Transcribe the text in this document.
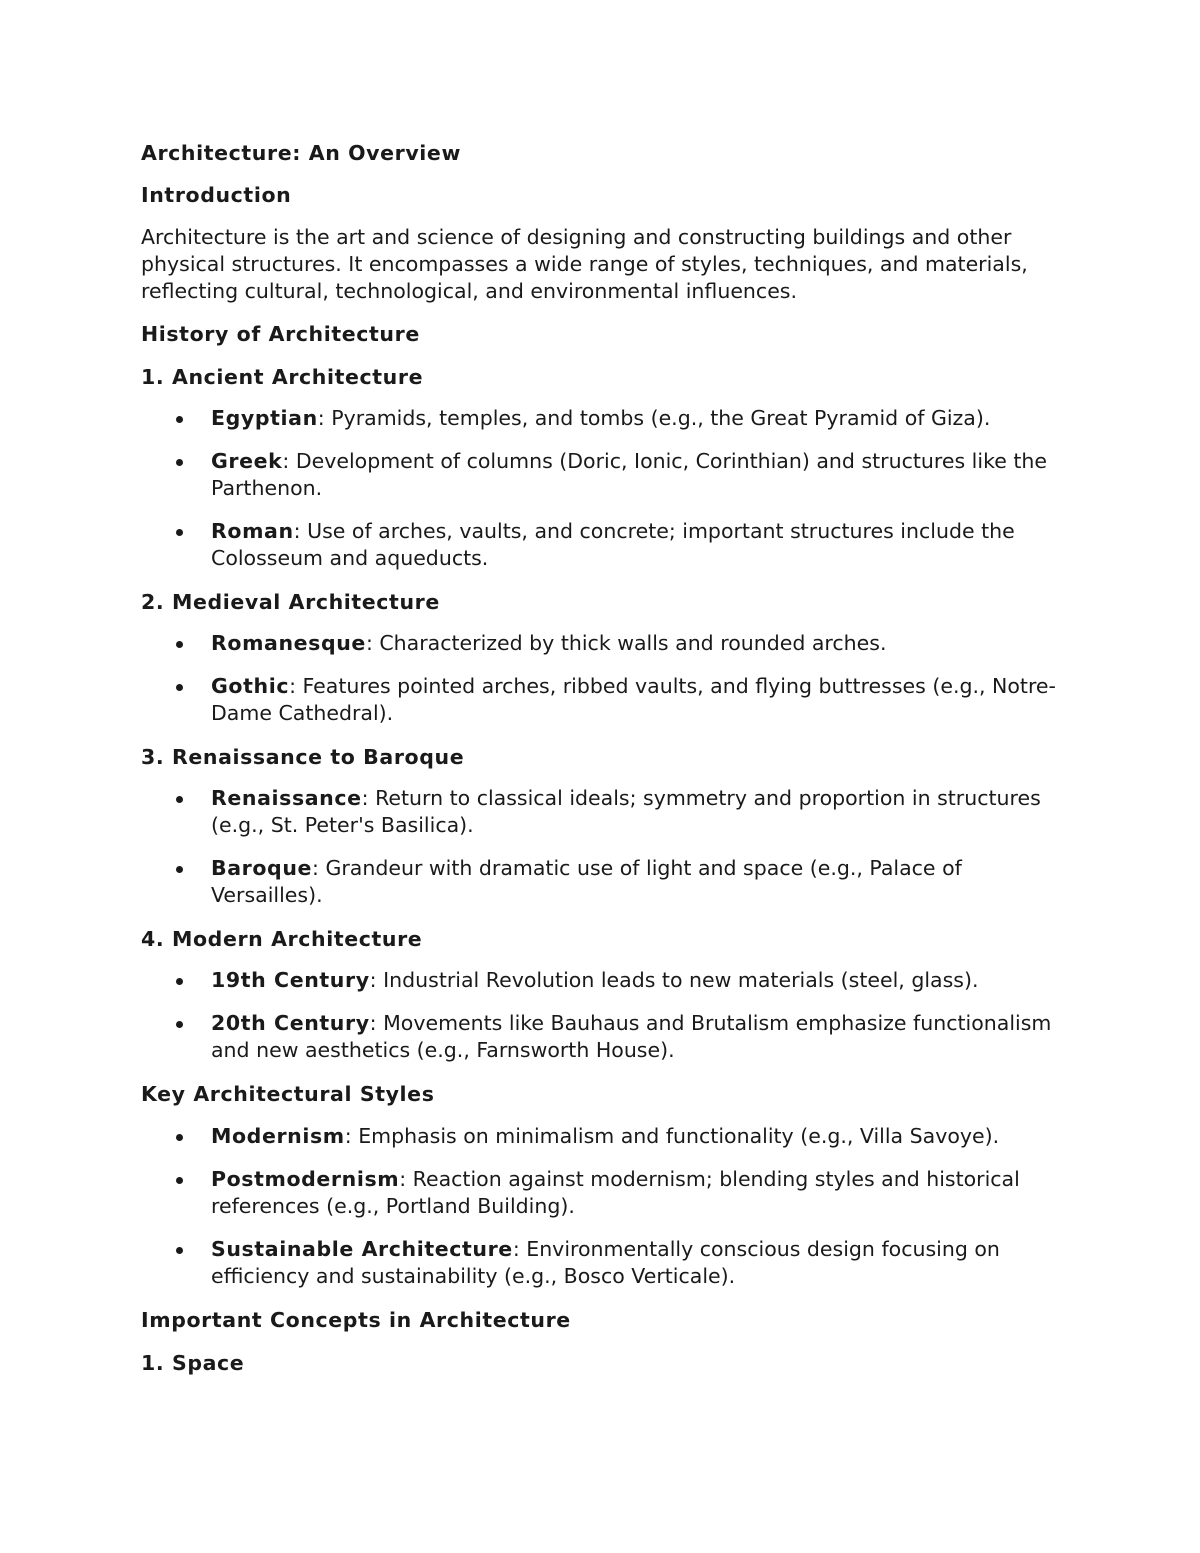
Architecture: An Overview
Introduction

Architecture is the art and science of designing and constructing buildings and other physical structures. It encompasses a wide range of styles, techniques, and materials, reflecting cultural, technological, and environmental influences.

History of Architecture
1. Ancient Architecture
Egyptian: Pyramids, temples, and tombs (e.g., the Great Pyramid of Giza).
Greek: Development of columns (Doric, Ionic, Corinthian) and structures like the Parthenon.
Roman: Use of arches, vaults, and concrete; important structures include the Colosseum and aqueducts.
2. Medieval Architecture
Romanesque: Characterized by thick walls and rounded arches.
Gothic: Features pointed arches, ribbed vaults, and flying buttresses (e.g., Notre-Dame Cathedral).
3. Renaissance to Baroque
Renaissance: Return to classical ideals; symmetry and proportion in structures (e.g., St. Peter's Basilica).
Baroque: Grandeur with dramatic use of light and space (e.g., Palace of Versailles).
4. Modern Architecture
19th Century: Industrial Revolution leads to new materials (steel, glass).
20th Century: Movements like Bauhaus and Brutalism emphasize functionalism and new aesthetics (e.g., Farnsworth House).
Key Architectural Styles
Modernism: Emphasis on minimalism and functionality (e.g., Villa Savoye).
Postmodernism: Reaction against modernism; blending styles and historical references (e.g., Portland Building).
Sustainable Architecture: Environmentally conscious design focusing on efficiency and sustainability (e.g., Bosco Verticale).
Important Concepts in Architecture
1. Space
